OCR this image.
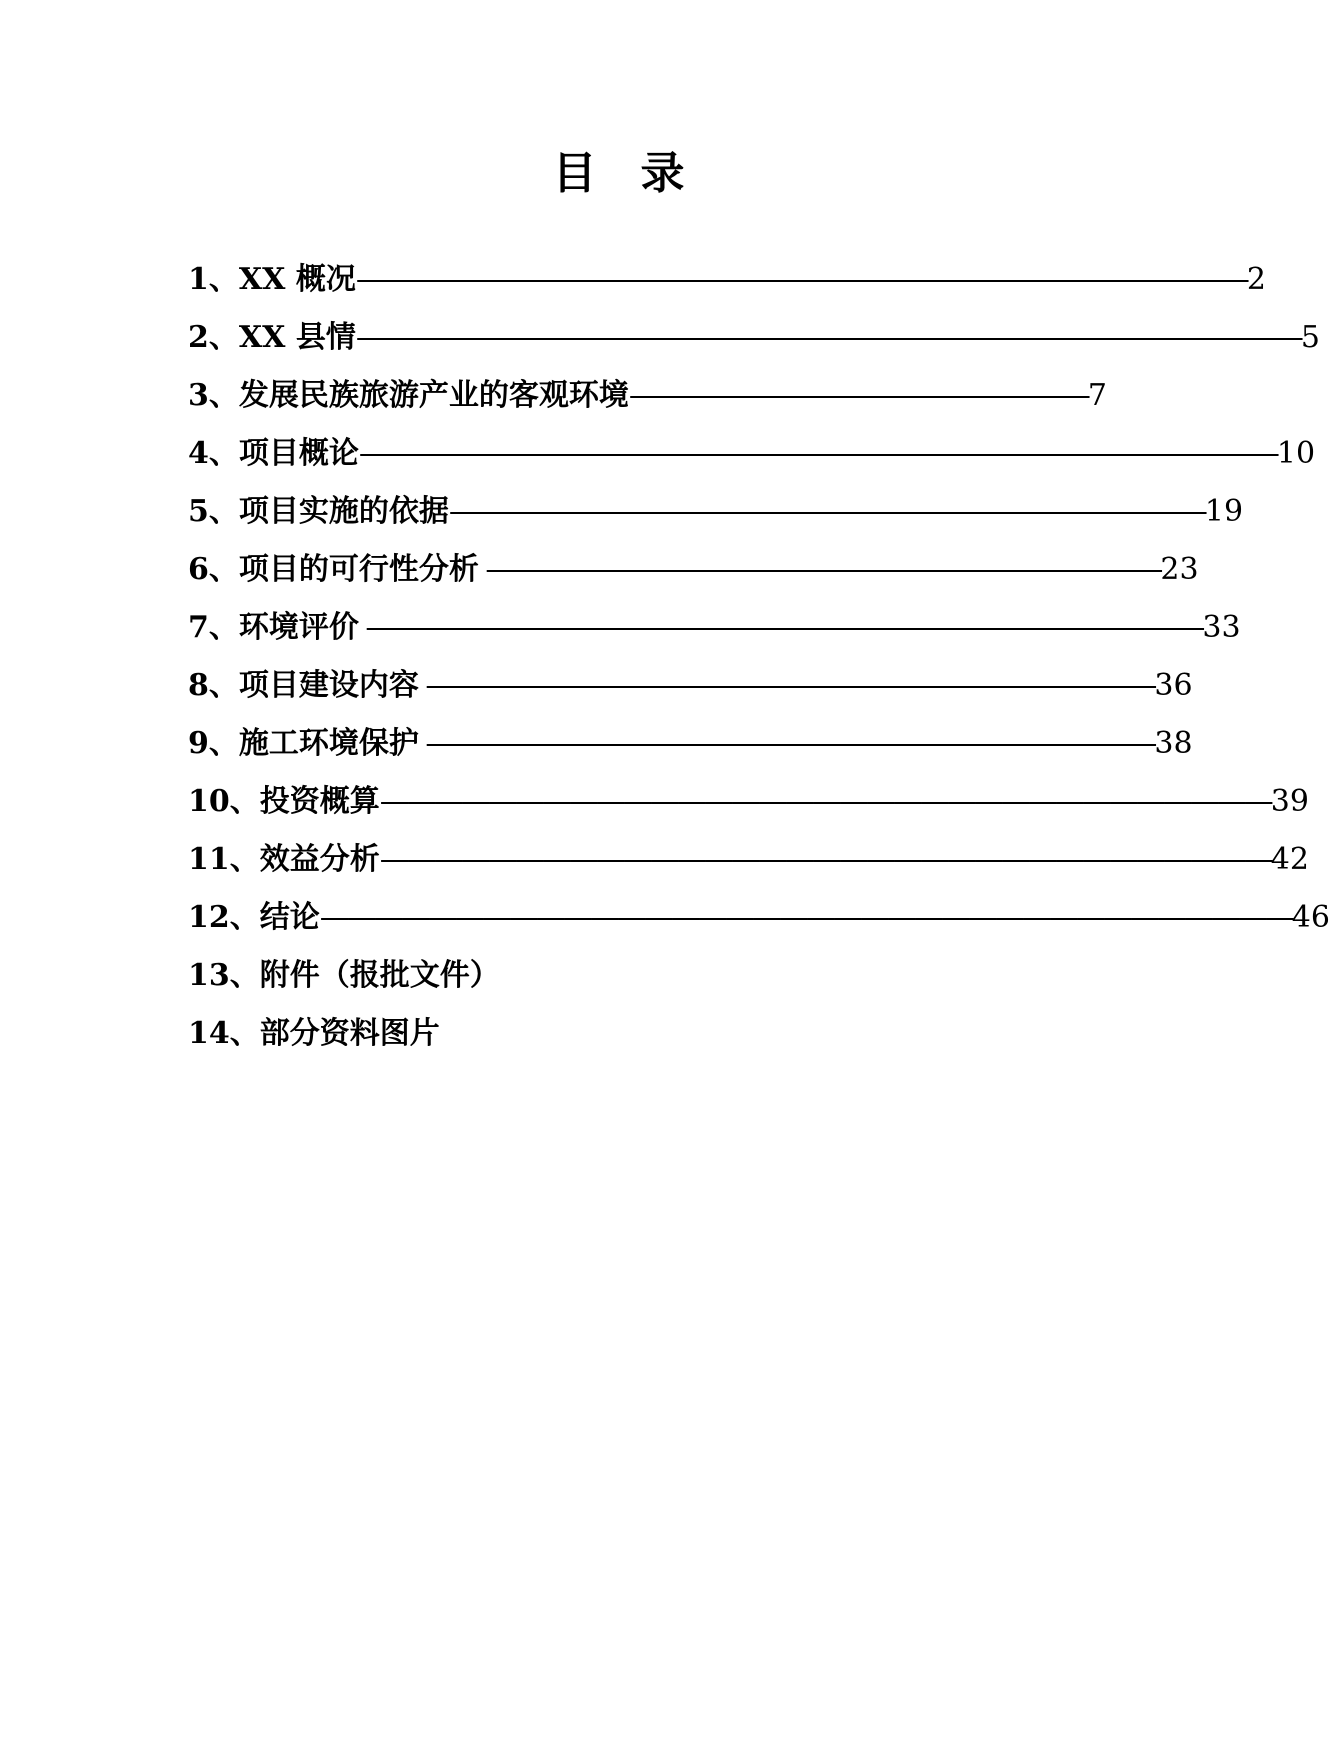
目 录
1、XX 概况—————————————————————————————————2
2、XX 县情———————————————————————————————————5
3、发展民族旅游产业的客观环境—————————————————7
4、项目概论——————————————————————————————————10
5、项目实施的依据————————————————————————————19
6、项目的可行性分析 —————————————————————————23
7、环境评价 ———————————————————————————————33
8、项目建设内容 ———————————————————————————36
9、施工环境保护 ———————————————————————————38
10、投资概算—————————————————————————————————39
11、效益分析—————————————————————————————————42
12、结论————————————————————————————————————46
13、附件（报批文件）
14、部分资料图片
